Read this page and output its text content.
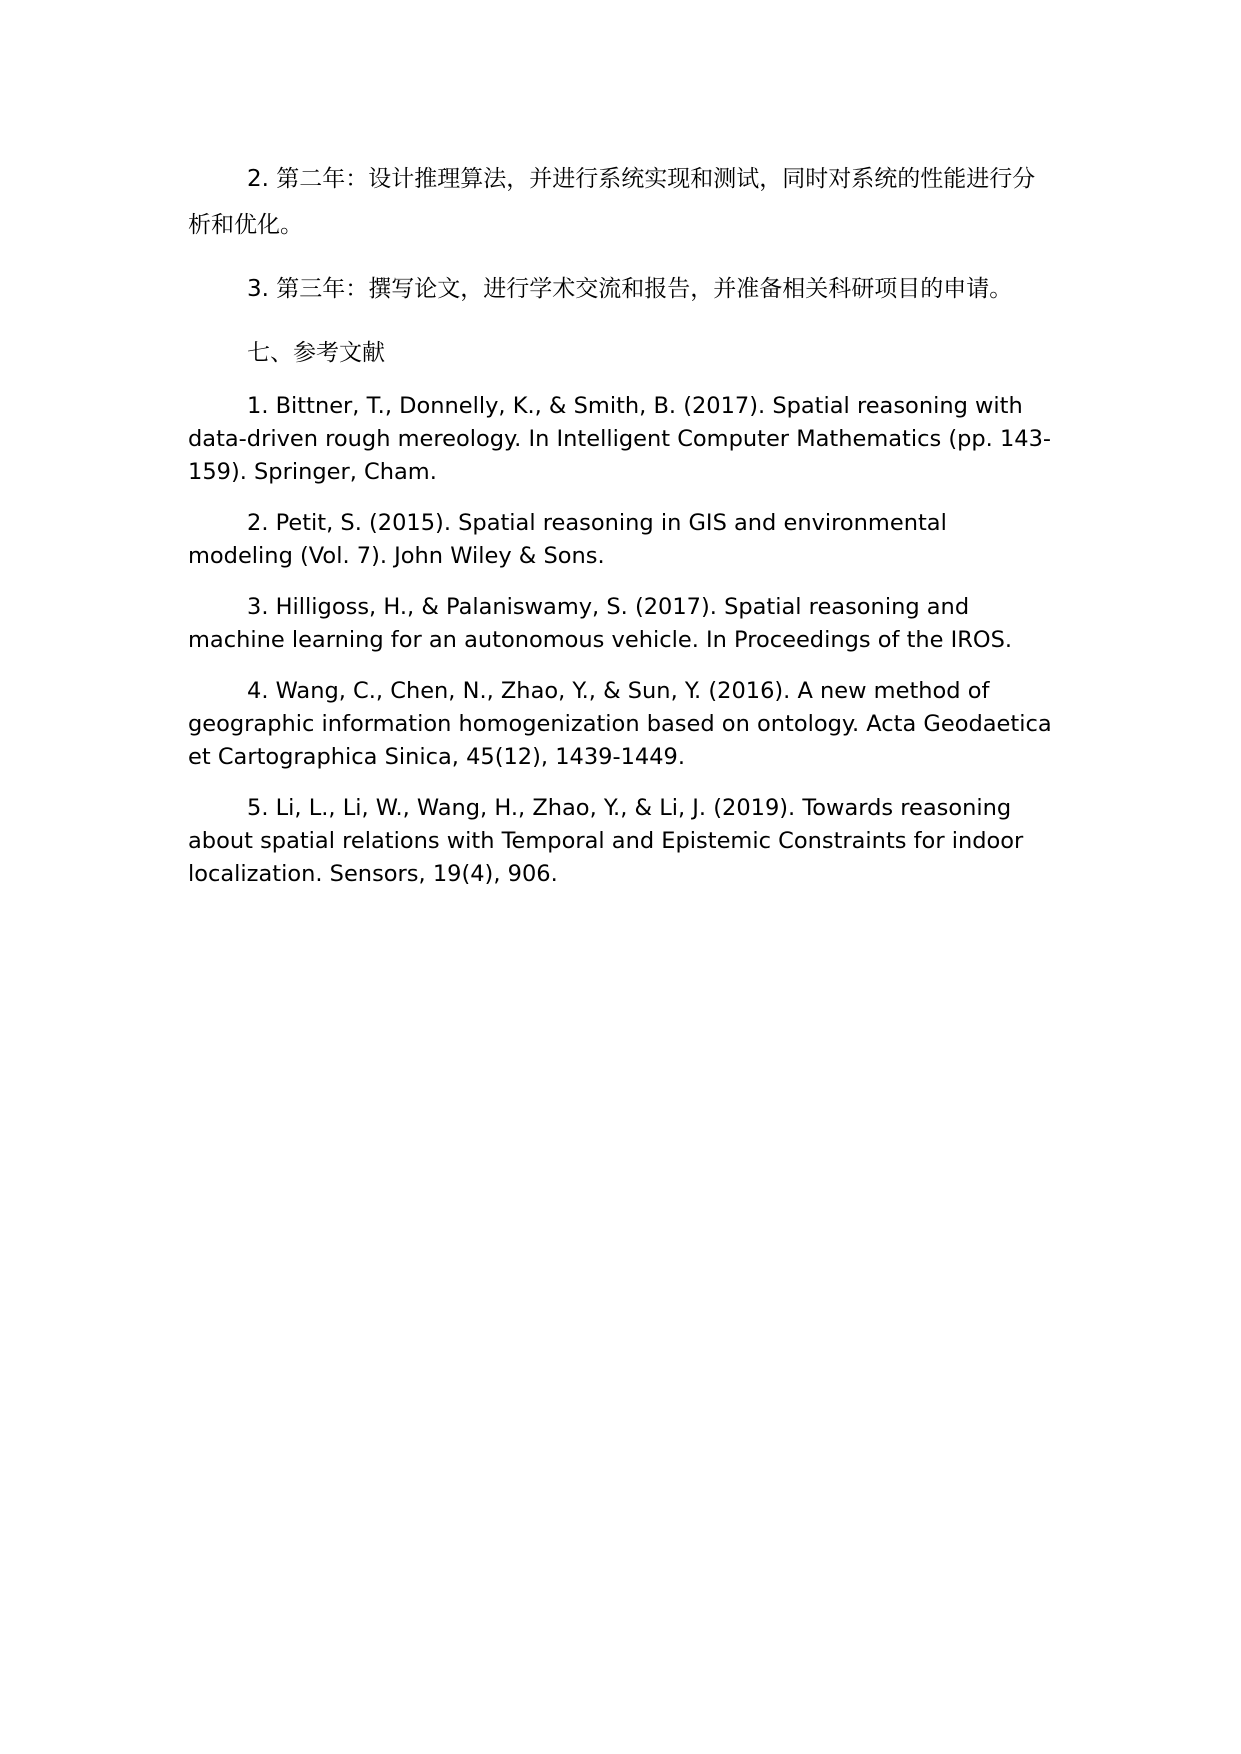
2. 第二年：设计推理算法，并进行系统实现和测试，同时对系统的性能进行分析和优化。

3. 第三年：撰写论文，进行学术交流和报告，并准备相关科研项目的申请。

七、参考文献

1. Bittner, T., Donnelly, K., & Smith, B. (2017). Spatial reasoning with data-driven rough mereology. In Intelligent Computer Mathematics (pp. 143-159). Springer, Cham.

2. Petit, S. (2015). Spatial reasoning in GIS and environmental modeling (Vol. 7). John Wiley & Sons.

3. Hilligoss, H., & Palaniswamy, S. (2017). Spatial reasoning and machine learning for an autonomous vehicle. In Proceedings of the IROS.

4. Wang, C., Chen, N., Zhao, Y., & Sun, Y. (2016). A new method of geographic information homogenization based on ontology. Acta Geodaetica et Cartographica Sinica, 45(12), 1439-1449.

5. Li, L., Li, W., Wang, H., Zhao, Y., & Li, J. (2019). Towards reasoning about spatial relations with Temporal and Epistemic Constraints for indoor localization. Sensors, 19(4), 906.
